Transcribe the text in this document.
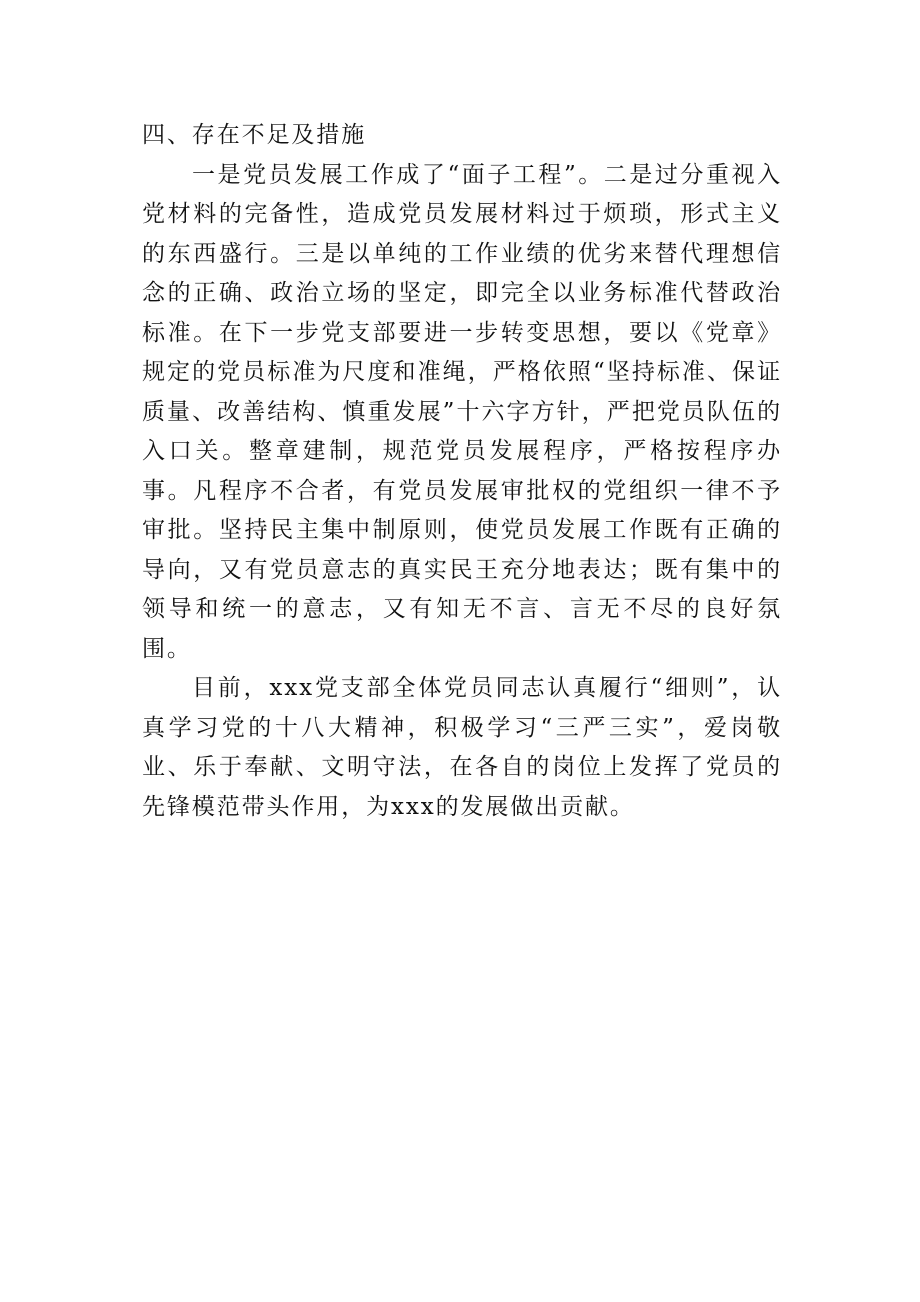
四、存在不足及措施

一是党员发展工作成了“面子工程”。二是过分重视入党材料的完备性，造成党员发展材料过于烦琐，形式主义的东西盛行。三是以单纯的工作业绩的优劣来替代理想信念的正确、政治立场的坚定，即完全以业务标准代替政治标准。在下一步党支部要进一步转变思想，要以《党章》规定的党员标准为尺度和准绳，严格依照“坚持标准、保证质量、改善结构、慎重发展”十六字方针，严把党员队伍的入口关。整章建制，规范党员发展程序，严格按程序办事。凡程序不合者，有党员发展审批权的党组织一律不予审批。坚持民主集中制原则，使党员发展工作既有正确的导向，又有党员意志的真实民王充分地表达；既有集中的领导和统一的意志，又有知无不言、言无不尽的良好氛围。

目前，xxx党支部全体党员同志认真履行“细则”，认真学习党的十八大精神，积极学习“三严三实”，爱岗敬业、乐于奉献、文明守法，在各自的岗位上发挥了党员的先锋模范带头作用，为xxx的发展做出贡献。
